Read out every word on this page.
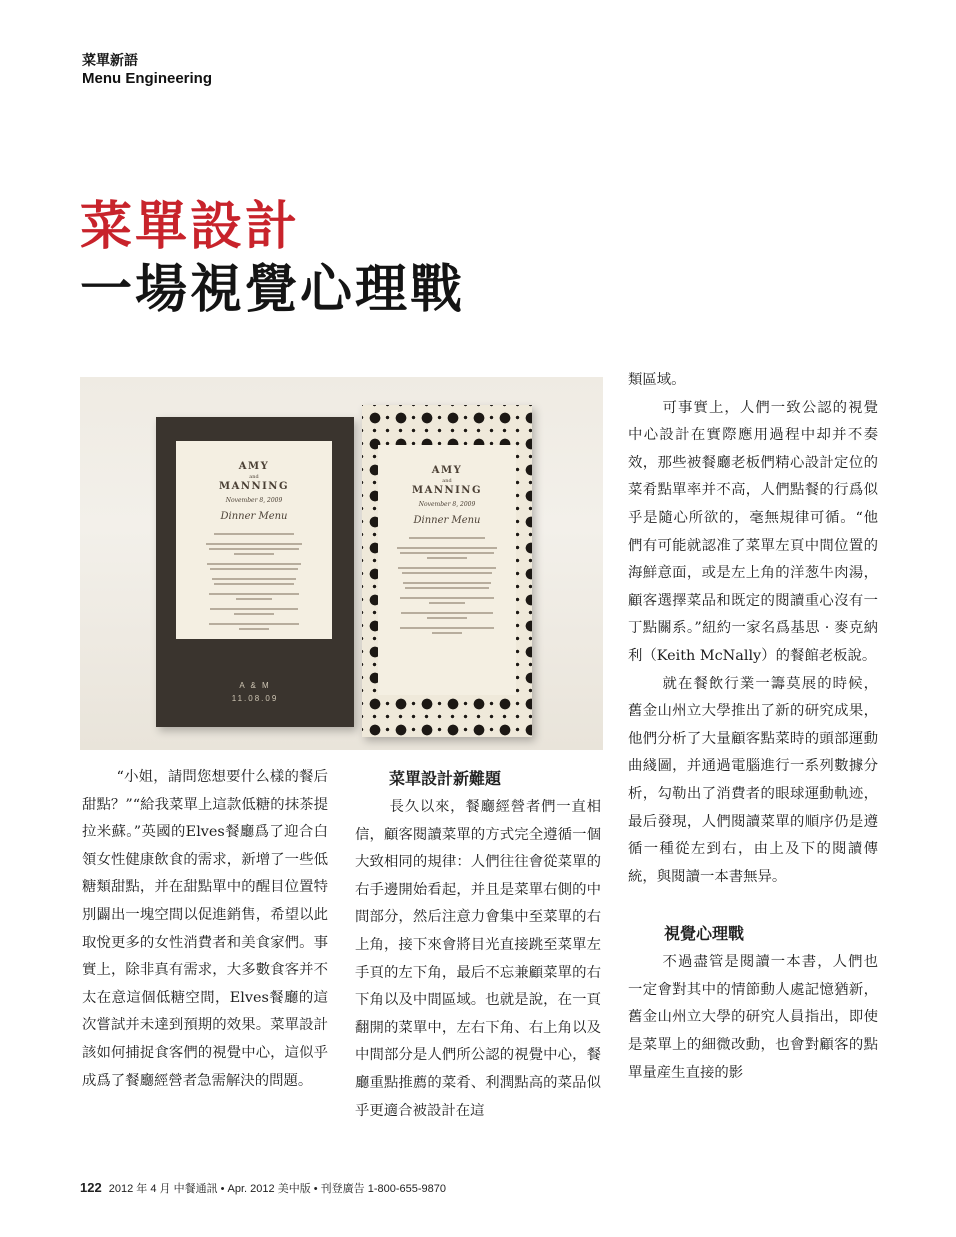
菜單新語
Menu Engineering
菜單設計
一場視覺心理戰
AMY
and
MANNING
November 8, 2009
Dinner Menu
A & M
11.08.09
AMY
and
MANNING
November 8, 2009
Dinner Menu

“小姐，請問您想要什么樣的餐后甜點？”“給我菜單上這款低糖的抹茶提拉米蘇。”英國的Elves餐廳爲了迎合白領女性健康飲食的需求，新增了一些低糖類甜點，并在甜點單中的醒目位置特別闢出一塊空間以促進銷售，希望以此取悅更多的女性消費者和美食家們。事實上，除非真有需求，大多數食客并不太在意這個低糖空間，Elves餐廳的這次嘗試并未達到預期的效果。菜單設計該如何捕捉食客們的視覺中心，這似乎成爲了餐廳經營者急需解決的問題。

菜單設計新難題

長久以來，餐廳經營者們一直相信，顧客閱讀菜單的方式完全遵循一個大致相同的規律：人們往往會從菜單的右手邊開始看起，并且是菜單右側的中間部分，然后注意力會集中至菜單的右上角，接下來會將目光直接跳至菜單左手頁的左下角，最后不忘兼顧菜單的右下角以及中間區域。也就是說，在一頁翻開的菜單中，左右下角、右上角以及中間部分是人們所公認的視覺中心，餐廳重點推薦的菜肴、利潤點高的菜品似乎更適合被設計在這

類區域。

可事實上，人們一致公認的視覺中心設計在實際應用過程中却并不奏效，那些被餐廳老板們精心設計定位的菜肴點單率并不高，人們點餐的行爲似乎是隨心所欲的，毫無規律可循。“他們有可能就認准了菜單左頁中間位置的海鮮意面，或是左上角的洋葱牛肉湯，顧客選擇菜品和既定的閱讀重心沒有一丁點關系。”紐約一家名爲基思 · 麥克納利（Keith McNally）的餐館老板說。

就在餐飲行業一籌莫展的時候，舊金山州立大學推出了新的研究成果，他們分析了大量顧客點菜時的頭部運動曲綫圖，并通過電腦進行一系列數據分析，勾勒出了消費者的眼球運動軌迹，最后發現，人們閱讀菜單的順序仍是遵循一種從左到右，由上及下的閱讀傳統，與閱讀一本書無异。

視覺心理戰

不過盡管是閱讀一本書，人們也一定會對其中的情節動人處記憶猶新，舊金山州立大學的研究人員指出，即使是菜單上的細微改動，也會對顧客的點單量産生直接的影

122 2012 年 4 月 中餐通訊 • Apr. 2012 美中版 • 刊登廣告 1-800-655-9870
